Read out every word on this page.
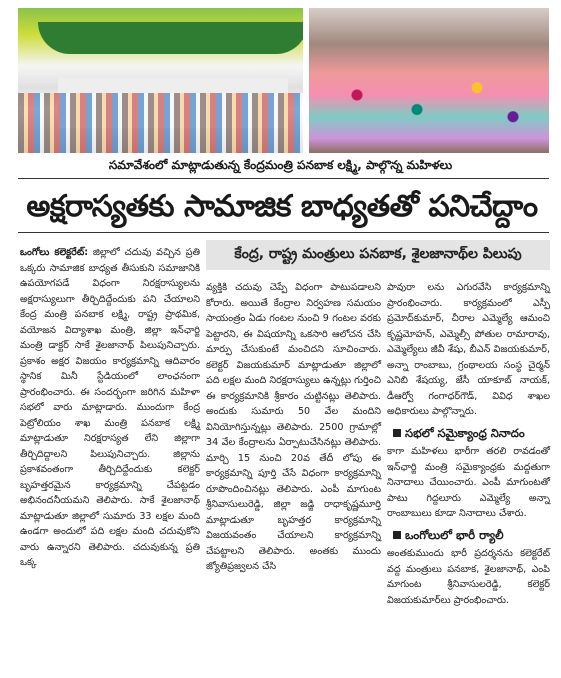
సమావేశంలో మాట్లాడుతున్న కేంద్రమంత్రి పనబాక లక్ష్మి, పాల్గొన్న మహిళలు
అక్షరాస్యతకు సామాజిక బాధ్యతతో పనిచేద్దాం
కేంద్ర, రాష్ట్ర మంత్రులు పనబాక, శైలజానాథ్‌ల పిలుపు

ఒంగోలు కలెక్టరేట్: జిల్లాలో చదువు వచ్చిన ప్రతి ఒక్కరు సామాజిక బాధ్యత తీసుకుని సమాజానికి ఉపయోగపడే విధంగా నిరక్షరాస్యులను అక్షరాస్యులుగా తీర్చిదిద్దేందుకు పని చేయాలని కేంద్ర మంత్రి పనబాక లక్ష్మి, రాష్ట్ర ప్రాథమిక, వయోజన విద్యాశాఖ మంత్రి, జిల్లా ఇన్‌ఛార్జి మంత్రి డాక్టర్ సాకే శైలజానాథ్ పిలుపునిచ్చారు. ప్రకాశం అక్షర విజయం కార్యక్రమాన్ని ఆదివారం స్థానిక మినీ స్టేడియంలో లాంఛనంగా ప్రారంభించారు. ఈ సందర్భంగా జరిగిన మహిళా సభలో వారు మాట్లాడారు. ముందుగా కేంద్ర పెట్రోలియం శాఖ మంత్రి పనబాక లక్ష్మి మాట్లాడుతూ నిరక్షరాస్యత లేని జిల్లాగా తీర్చిదిద్దాలని పిలుపునిచ్చారు. జిల్లాను ప్రకాశవంతంగా తీర్చిదిద్దేందుకు కలెక్టర్ బృహత్తరమైన కార్యక్రమాన్ని చేపట్టడం అభినందనీయమని తెలిపారు. సాకే శైలజానాథ్ మాట్లాడుతూ జిల్లాలో సుమారు 33 లక్షల మంది ఉండగా అందులో పది లక్షల మంది చదువుకోని వారు ఉన్నారని తెలిపారు. చదువుకున్న ప్రతి ఒక్క

వ్యక్తికి చదువు చెప్పే విధంగా పాటుపడాలని కోరారు. అయితే కేంద్రాల నిర్వహణ సమయం సాయంత్రం ఏడు గంటల నుంచి 9 గంటల వరకు పెట్టారని, ఈ విషయాన్ని ఒకసారి ఆలోచన చేసి మార్పు చేసుకుంటే మంచిదని సూచించారు. కలెక్టర్ విజయకుమార్ మాట్లాడుతూ జిల్లాలో పది లక్షల మంది నిరక్షరాస్యులు ఉన్నట్లు గుర్తించి ఈ కార్యక్రమానికి శ్రీకారం చుట్టినట్లు తెలిపారు. అందుకు సుమారు 50 వేల మందిని వినియోగిస్తున్నట్లు తెలిపారు. 2500 గ్రామాల్లో 34 వేల కేంద్రాలను ఏర్పాటుచేసినట్లు తెలిపారు. మార్చి 15 నుంచి 20వ తేదీ లోపు ఈ కార్యక్రమాన్ని పూర్తి చేసే విధంగా కార్యక్రమాన్ని రూపొందించినట్లు తెలిపారు. ఎంపీ మాగుంట శ్రీనివాసులురెడ్డి, జిల్లా జడ్జి రాధాకృష్ణమూర్తి మాట్లాడుతూ బృహత్తర కార్యక్రమాన్ని విజయవంతం చేయాలని కార్యక్రమాన్ని చేపట్టాలని తెలిపారు. అంతకు ముందు జ్యోతిప్రజ్వలన చేసి

పావురా లను ఎగురవేసి కార్యక్రమాన్ని ప్రారంభించారు. కార్యక్రమంలో ఎస్పీ ప్రమోద్‌కుమార్, చీరాల ఎమ్మెల్యే ఆమంచి కృష్ణమోహన్, ఎమ్మెల్సీ పోతుల రామారావు, ఎమ్మెల్యేలు జీవీ శేషు, బీఎన్ విజయకుమార్, అన్నా రాంబాబు, గ్రంథాలయ సంస్థ చైర్మన్ ఎనిబి శేషయ్య, జేసీ యాకూబ్ నాయక్, డీఆర్వో గంగాధర్‌గౌడ్, వివిధ శాఖల అధికారులు పాల్గొన్నారు.

సభలో సమైక్యాంధ్ర నినాదం

కాగా మహిళలు భారీగా తరలి రావడంతో ఇన్‌ఛార్జి మంత్రి సమైక్యాంధ్రకు మద్దతుగా నినాదాలు చేయించారు. ఎంపీ మాగుంటతో పాటు గిద్దలూరు ఎమ్మెల్యే అన్నా రాంబాబులు కూడా నినాదాలు చేశారు.

ఒంగోలులో భారీ ర్యాలీ

అంతకుముందు భారీ ప్రదర్శనను కలెక్టరేట్ వద్ద మంత్రులు పనబాక, శైలజానాథ్, ఎంపి మాగుంట శ్రీనివాసులరెడ్డి, కలెక్టర్ విజయకుమార్‌లు ప్రారంభించారు.
